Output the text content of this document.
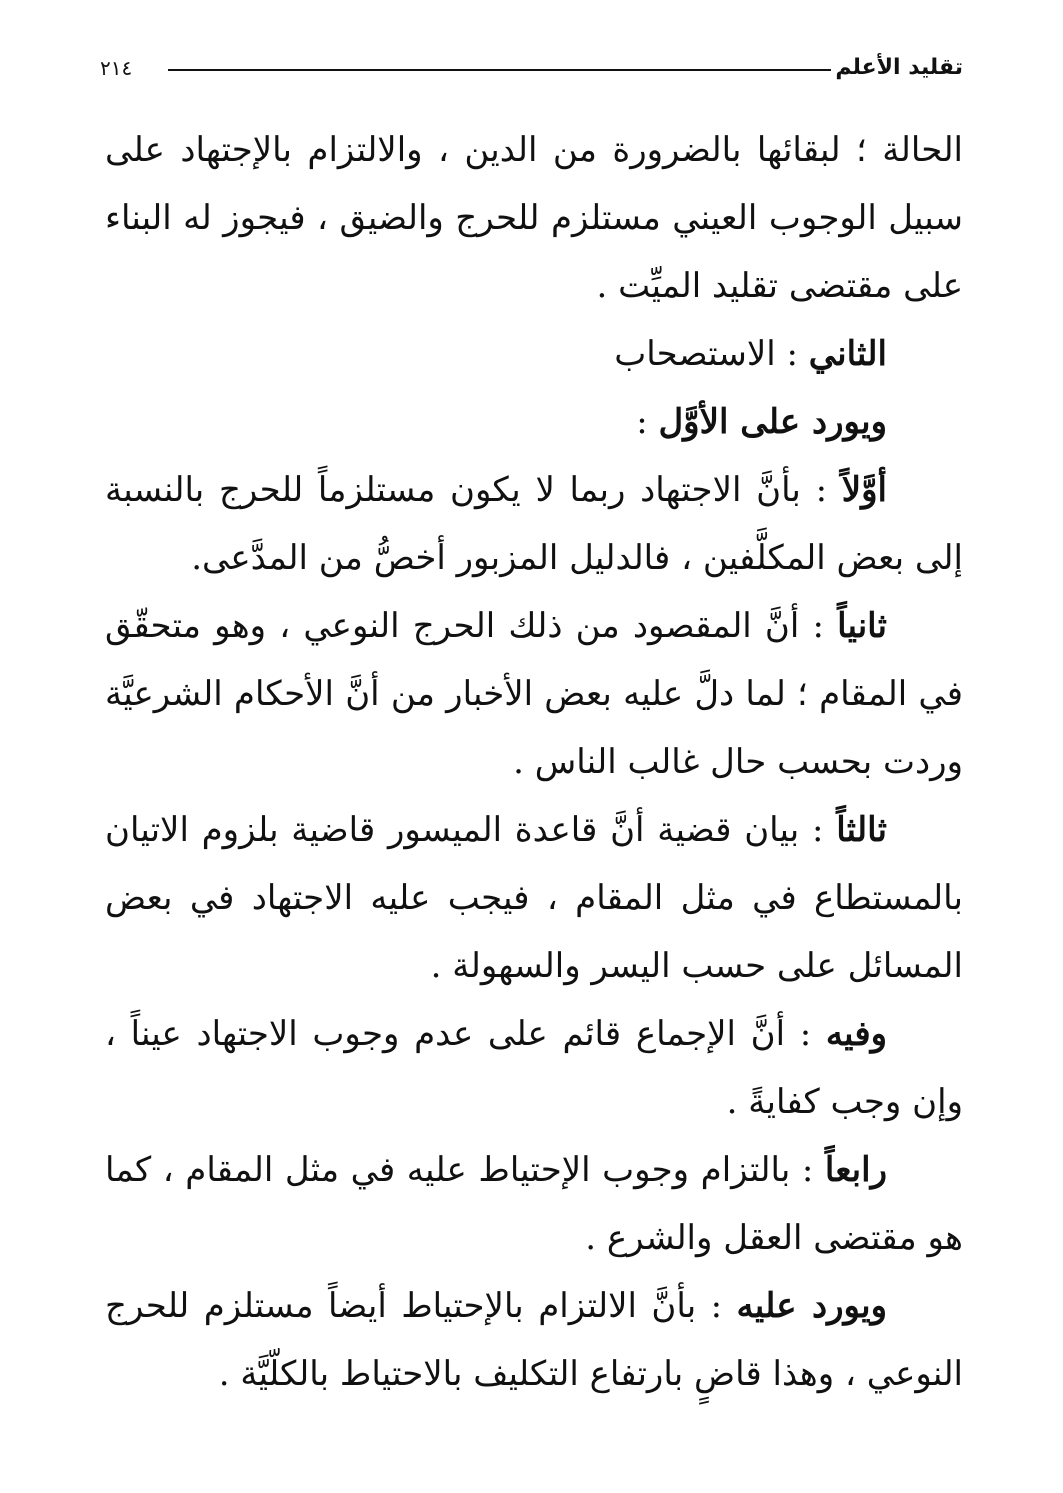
تقليد الأعلم
٢١٤

الحالة ؛ لبقائها بالضرورة من الدين ، والالتزام بالإجتهاد على سبيل الوجوب العيني مستلزم للحرج والضيق ، فيجوز له البناء على مقتضى تقليد الميِّت .

الثاني : الاستصحاب

ويورد على الأوَّل :

أوَّلاً : بأنَّ الاجتهاد ربما لا يكون مستلزماً للحرج بالنسبة إلى بعض المكلَّفين ، فالدليل المزبور أخصُّ من المدَّعى.

ثانياً : أنَّ المقصود من ذلك الحرج النوعي ، وهو متحقّق في المقام ؛ لما دلَّ عليه بعض الأخبار من أنَّ الأحكام الشرعيَّة وردت بحسب حال غالب الناس .

ثالثاً : بيان قضية أنَّ قاعدة الميسور قاضية بلزوم الاتيان بالمستطاع في مثل المقام ، فيجب عليه الاجتهاد في بعض المسائل على حسب اليسر والسهولة .

وفيه : أنَّ الإجماع قائم على عدم وجوب الاجتهاد عيناً ، وإن وجب كفايةً .

رابعاً : بالتزام وجوب الإحتياط عليه في مثل المقام ، كما هو مقتضى العقل والشرع .

ويورد عليه : بأنَّ الالتزام بالإحتياط أيضاً مستلزم للحرج النوعي ، وهذا قاضٍ بارتفاع التكليف بالاحتياط بالكلّيَّة .
